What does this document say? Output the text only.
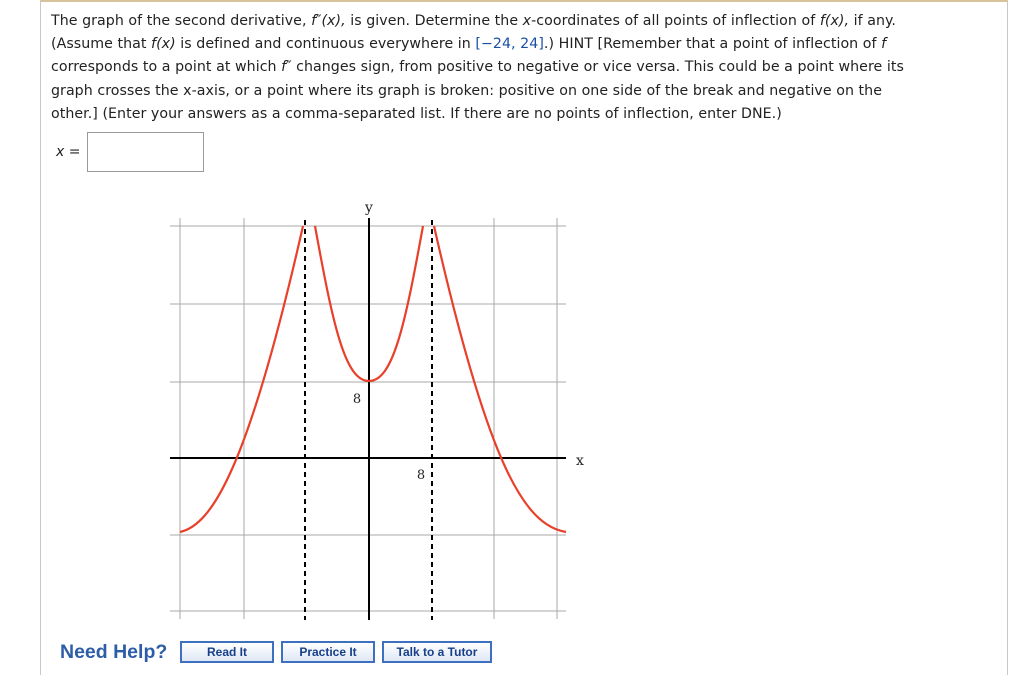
The graph of the second derivative, f″(x), is given. Determine the x-coordinates of all points of inflection of f(x), if any.

(Assume that f(x) is defined and continuous everywhere in [−24, 24].) HINT [Remember that a point of inflection of f

corresponds to a point at which f″ changes sign, from positive to negative or vice versa. This could be a point where its

graph crosses the x-axis, or a point where its graph is broken: positive on one side of the break and negative on the

other.] (Enter your answers as a comma-separated list. If there are no points of inflection, enter DNE.)

x =
y
x
8
8
Need Help?	Read It	Practice It	Talk to a Tutor
